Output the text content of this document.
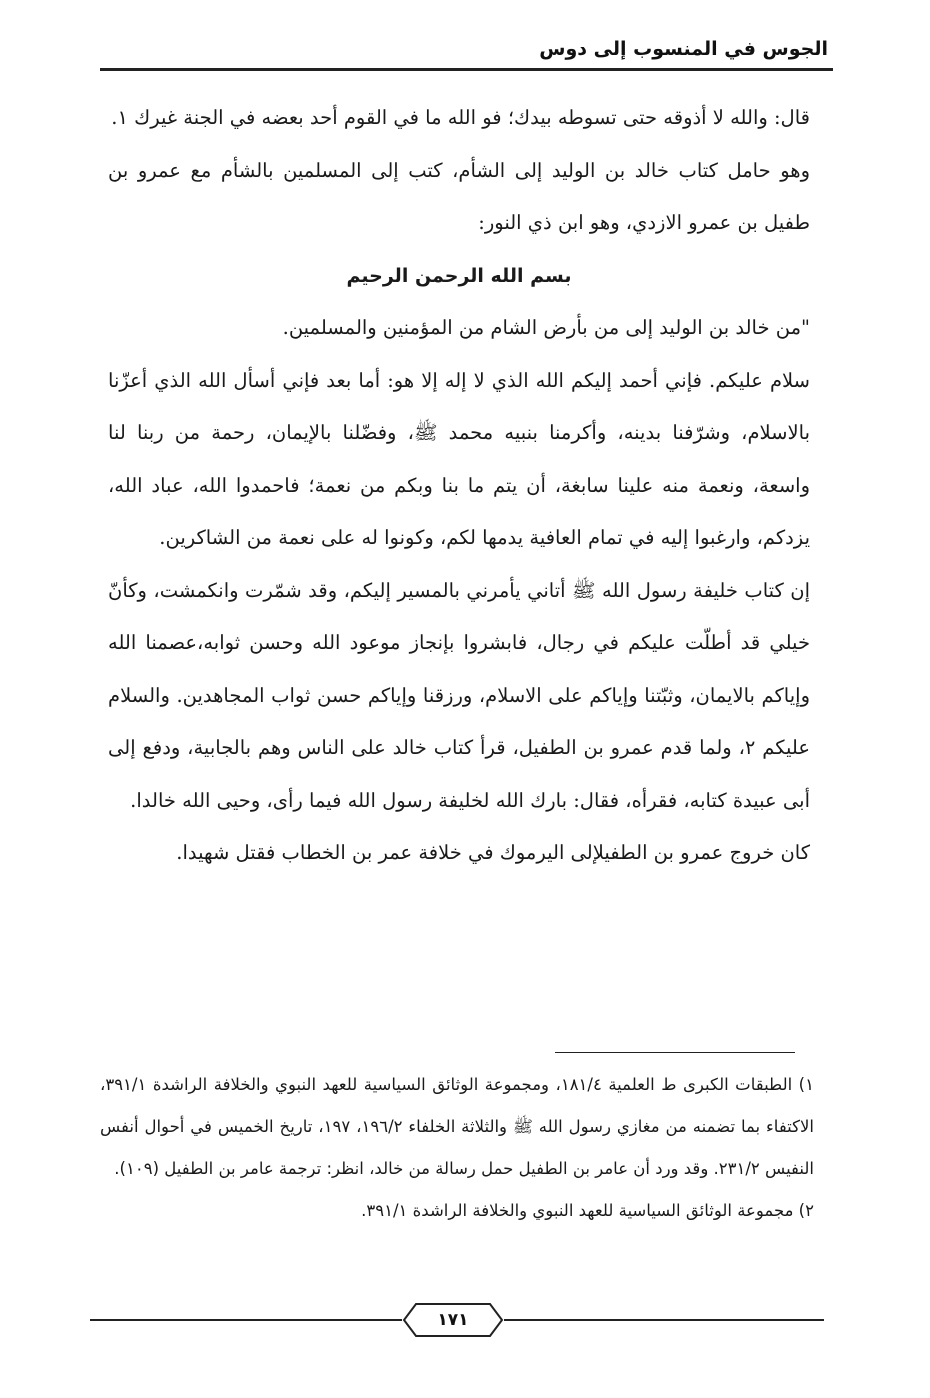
الجوس في المنسوب إلى دوس

قال: والله لا أذوقه حتى تسوطه بيدك؛ فو الله ما في القوم أحد بعضه في الجنة غيرك ١.

وهو حامل كتاب خالد بن الوليد إلى الشأم، كتب إلى المسلمين بالشأم مع عمرو بن طفيل بن عمرو الازدي، وهو ابن ذي النور:

بسم الله الرحمن الرحيم

"من خالد بن الوليد إلى من بأرض الشام من المؤمنين والمسلمين.

سلام عليكم. فإني أحمد إليكم الله الذي لا إله إلا هو: أما بعد فإني أسأل الله الذي أعزّنا بالاسلام، وشرّفنا بدينه، وأكرمنا بنبيه محمد ﷺ، وفضّلنا بالإيمان، رحمة من ربنا لنا واسعة، ونعمة منه علينا سابغة، أن يتم ما بنا وبكم من نعمة؛ فاحمدوا الله، عباد الله، يزدكم، وارغبوا إليه في تمام العافية يدمها لكم، وكونوا له على نعمة من الشاكرين.

إن كتاب خليفة رسول الله ﷺ أتاني يأمرني بالمسير إليكم، وقد شمّرت وانكمشت، وكأنّ خيلي قد أطلّت عليكم في رجال، فابشروا بإنجاز موعود الله وحسن ثوابه،عصمنا الله وإياكم بالايمان، وثبّتنا وإياكم على الاسلام، ورزقنا وإياكم حسن ثواب المجاهدين. والسلام عليكم ٢، ولما قدم عمرو بن الطفيل، قرأ كتاب خالد على الناس وهم بالجابية، ودفع إلى أبى عبيدة كتابه، فقرأه، فقال: بارك الله لخليفة رسول الله فيما رأى، وحيى الله خالدا.

كان خروج عمرو بن الطفيلإلى اليرموك في خلافة عمر بن الخطاب فقتل شهيدا.

١) الطبقات الكبرى ط العلمية ١٨١/٤، ومجموعة الوثائق السياسية للعهد النبوي والخلافة الراشدة ٣٩١/١، الاكتفاء بما تضمنه من مغازي رسول الله ﷺ والثلاثة الخلفاء ١٩٦/٢، ١٩٧، تاريخ الخميس في أحوال أنفس النفيس ٢٣١/٢. وقد ورد أن عامر بن الطفيل حمل رسالة من خالد، انظر: ترجمة عامر بن الطفيل (١٠٩).

٢) مجموعة الوثائق السياسية للعهد النبوي والخلافة الراشدة ٣٩١/١.

١٧١
